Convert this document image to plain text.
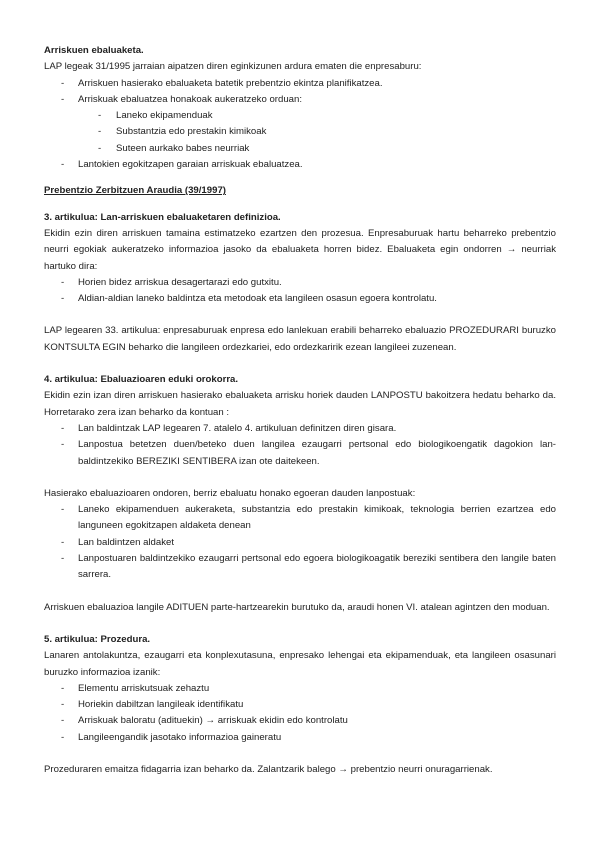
Arriskuen ebaluaketa.

LAP legeak 31/1995 jarraian aipatzen diren eginkizunen ardura ematen die enpresaburu:

- Arriskuen hasierako ebaluaketa batetik prebentzio ekintza planifikatzea.
- Arriskuak ebaluatzea honakoak aukeratzeko orduan:
- Laneko ekipamenduak
- Substantzia edo prestakin kimikoak
- Suteen aurkako babes neurriak
- Lantokien egokitzapen garaian arriskuak ebaluatzea.

Prebentzio Zerbitzuen Araudia (39/1997)

3. artikulua: Lan-arriskuen ebaluaketaren definizioa.

Ekidin ezin diren arriskuen tamaina estimatzeko ezartzen den prozesua. Enpresaburuak hartu beharreko prebentzio neurri egokiak aukeratzeko informazioa jasoko da ebaluaketa horren bidez. Ebaluaketa egin ondorren → neurriak hartuko dira:

- Horien bidez arriskua desagertarazi edo gutxitu.
- Aldian-aldian laneko baldintza eta metodoak eta langileen osasun egoera kontrolatu.

LAP legearen 33. artikulua: enpresaburuak enpresa edo lanlekuan erabili beharreko ebaluazio PROZEDURARI buruzko KONTSULTA EGIN beharko die langileen ordezkariei, edo ordezkaririk ezean langileei zuzenean.

4. artikulua: Ebaluazioaren eduki orokorra.

Ekidin ezin izan diren arriskuen hasierako ebaluaketa arrisku horiek dauden LANPOSTU bakoitzera hedatu beharko da. Horretarako zera izan beharko da kontuan :

- Lan baldintzak LAP legearen 7. atalelo 4. artikuluan definitzen diren gisara.
- Lanpostua betetzen duen/beteko duen langilea ezaugarri pertsonal edo biologikoengatik dagokion lan-baldintzekiko BEREZIKI SENTIBERA izan ote daitekeen.

Hasierako ebaluazioaren ondoren, berriz ebaluatu honako egoeran dauden lanpostuak:

- Laneko ekipamenduen aukeraketa, substantzia edo prestakin kimikoak, teknologia berrien ezartzea edo languneen egokitzapen aldaketa denean
- Lan baldintzen aldaket
- Lanpostuaren baldintzekiko ezaugarri pertsonal edo egoera biologikoagatik bereziki sentibera den langile baten sarrera.

Arriskuen ebaluazioa langile ADITUEN parte-hartzearekin burutuko da, araudi honen VI. atalean agintzen den moduan.

5. artikulua: Prozedura.

Lanaren antolakuntza, ezaugarri eta konplexutasuna, enpresako lehengai eta ekipamenduak, eta langileen osasunari buruzko informazioa izanik:

- Elementu arriskutsuak zehaztu
- Horiekin dabiltzan langileak identifikatu
- Arriskuak baloratu (adituekin) → arriskuak ekidin edo kontrolatu
- Langileengandik jasotako informazioa gaineratu

Prozeduraren emaitza fidagarria izan beharko da. Zalantzarik balego → prebentzio neurri onuragarrienak.
